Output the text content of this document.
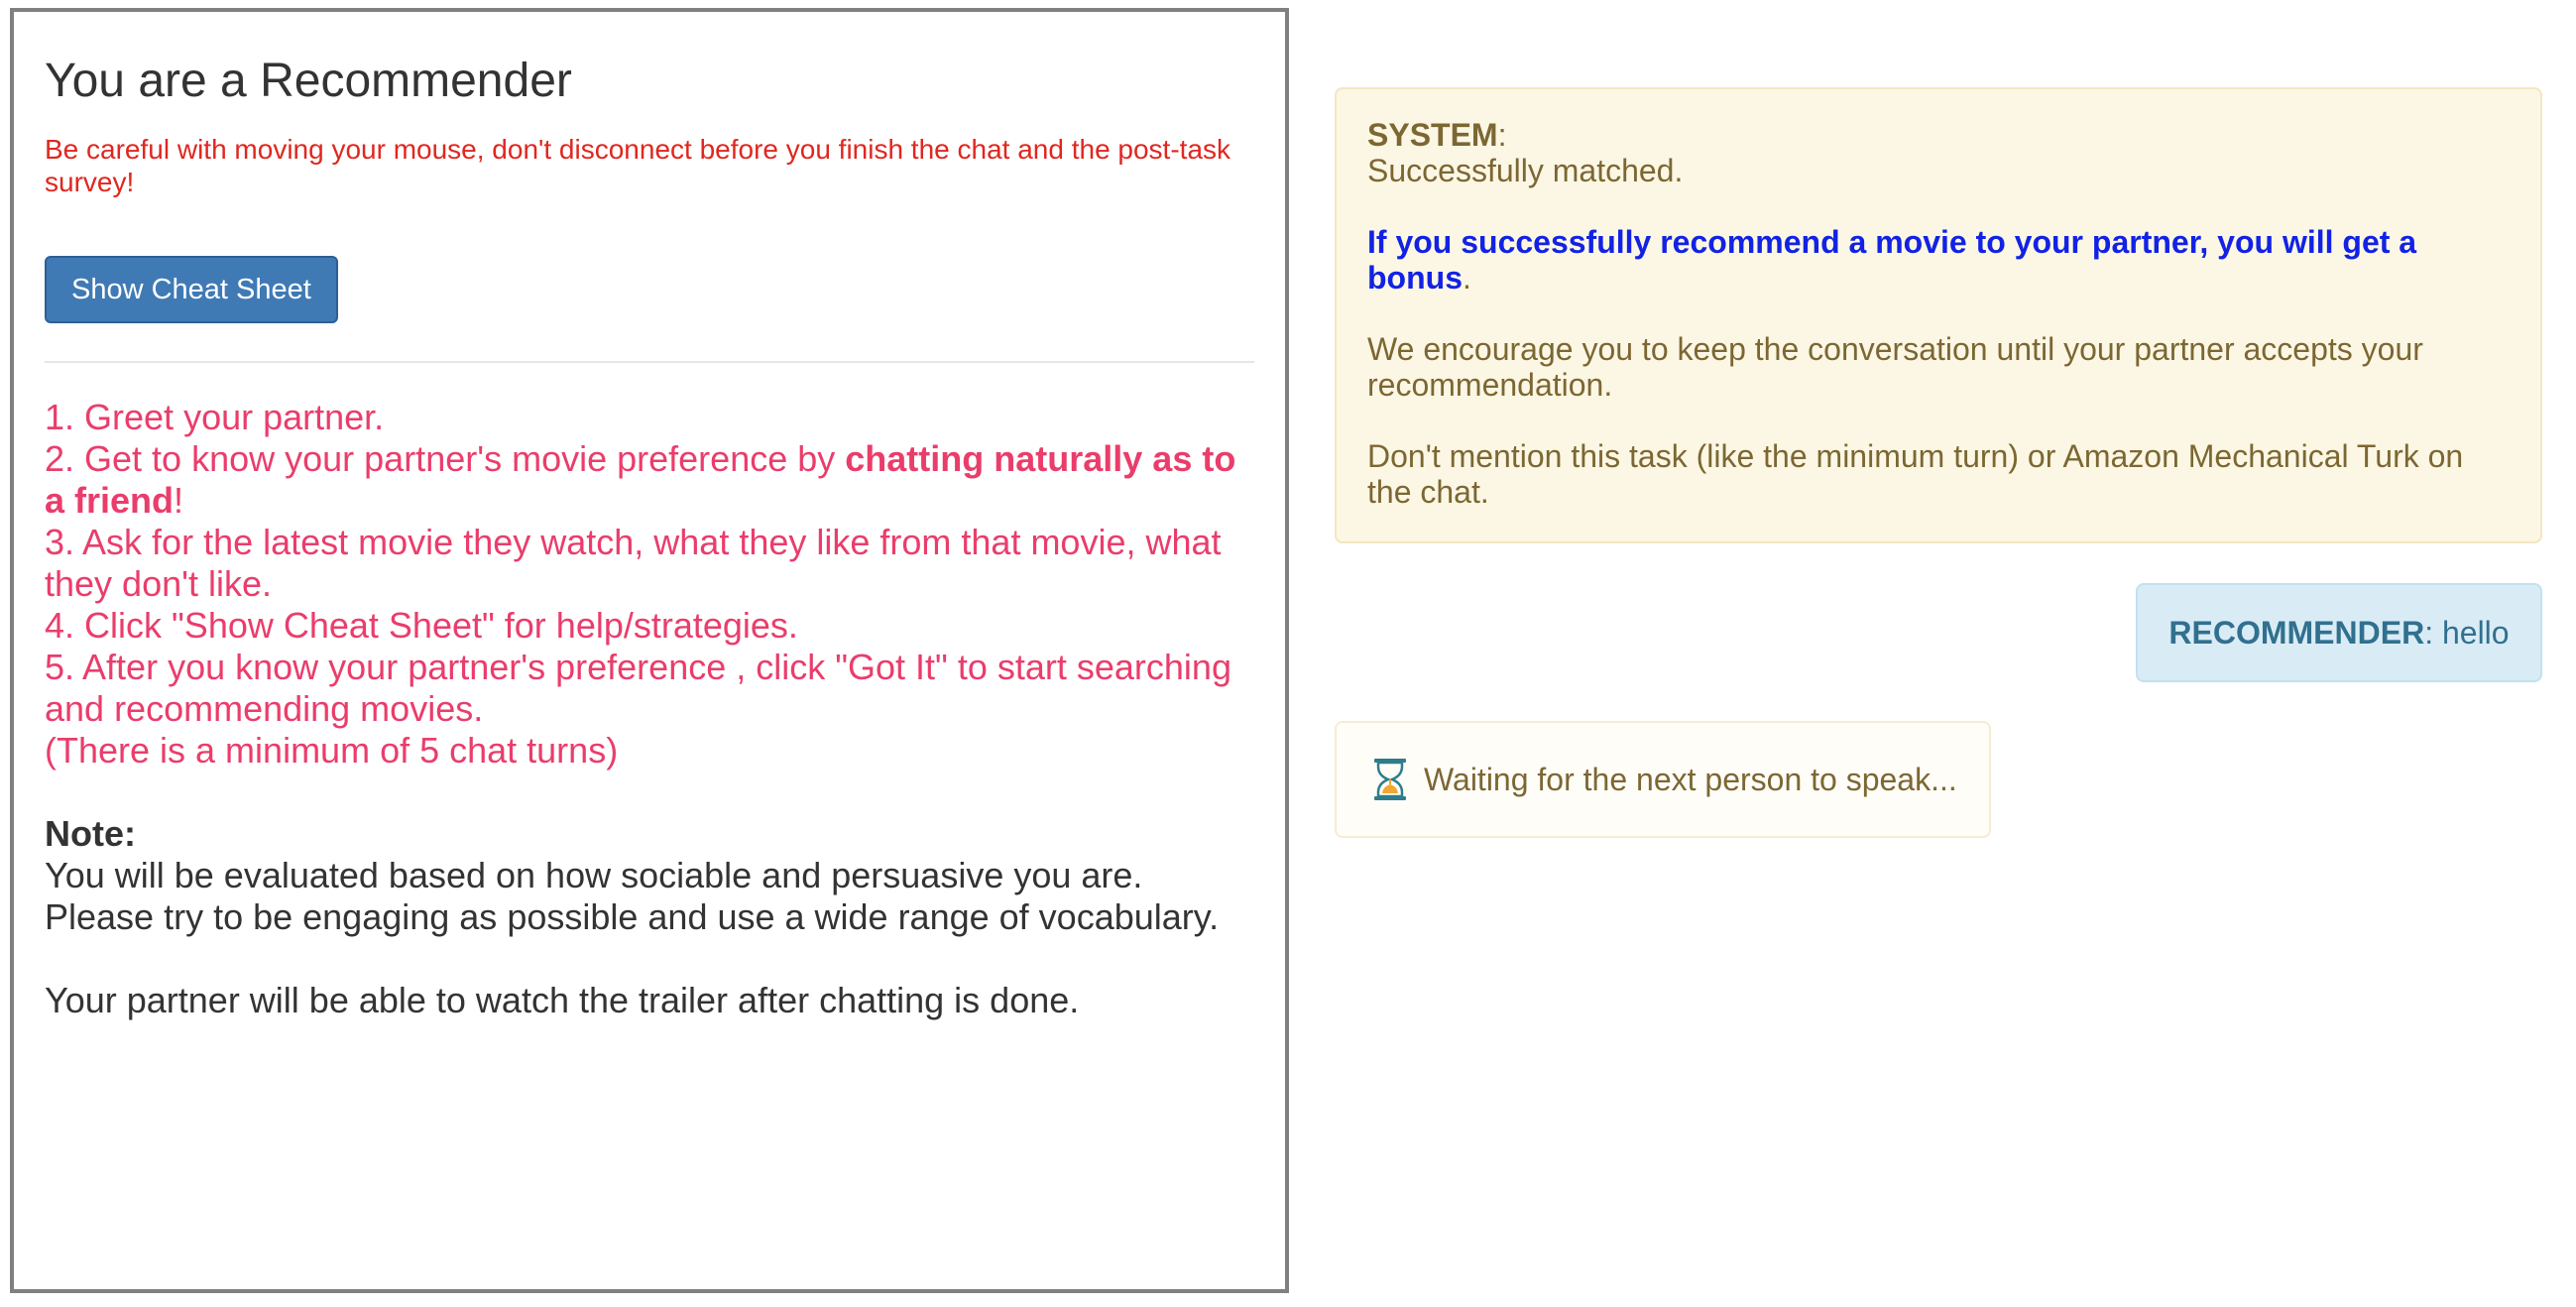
You are a Recommender
Be careful with moving your mouse, don't disconnect before you finish the chat and the post-task survey!
Show Cheat Sheet
1. Greet your partner.
2. Get to know your partner's movie preference by chatting naturally as to a friend!
3. Ask for the latest movie they watch, what they like from that movie, what they don't like.
4. Click "Show Cheat Sheet" for help/strategies.
5. After you know your partner's preference , click "Got It" to start searching and recommending movies.
(There is a minimum of 5 chat turns)
Note:

You will be evaluated based on how sociable and persuasive you are. Please try to be engaging as possible and use a wide range of vocabulary.

Your partner will be able to watch the trailer after chatting is done.

SYSTEM:
Successfully matched.
If you successfully recommend a movie to your partner, you will get a bonus.
We encourage you to keep the conversation until your partner accepts your recommendation.
Don't mention this task (like the minimum turn) or Amazon Mechanical Turk on the chat.
RECOMMENDER: hello
Waiting for the next person to speak...
